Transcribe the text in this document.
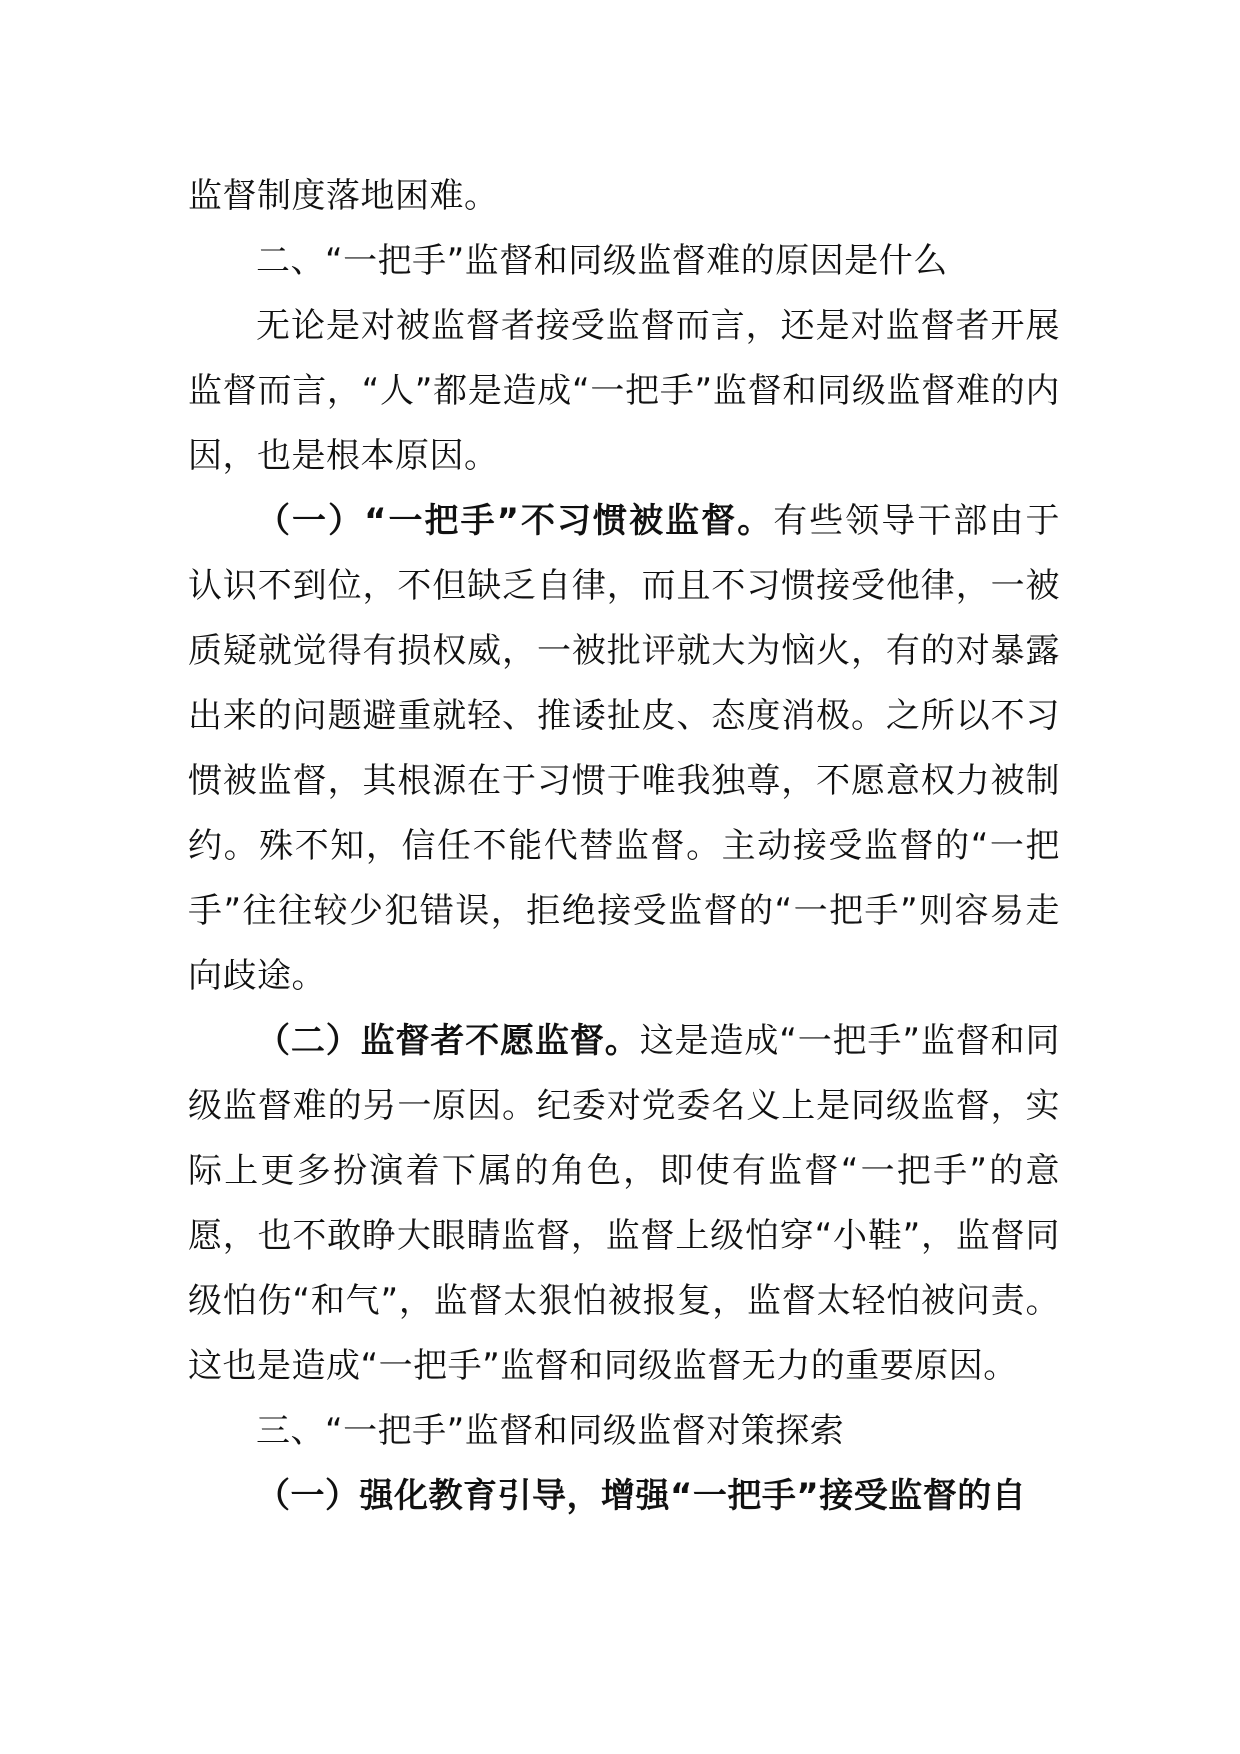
监督制度落地困难。

二、“一把手”监督和同级监督难的原因是什么

无论是对被监督者接受监督而言，还是对监督者开展监督而言，“人”都是造成“一把手”监督和同级监督难的内因，也是根本原因。

（一）“一把手”不习惯被监督。有些领导干部由于认识不到位，不但缺乏自律，而且不习惯接受他律，一被质疑就觉得有损权威，一被批评就大为恼火，有的对暴露出来的问题避重就轻、推诿扯皮、态度消极。之所以不习惯被监督，其根源在于习惯于唯我独尊，不愿意权力被制约。殊不知，信任不能代替监督。主动接受监督的“一把手”往往较少犯错误，拒绝接受监督的“一把手”则容易走向歧途。

（二）监督者不愿监督。这是造成“一把手”监督和同级监督难的另一原因。纪委对党委名义上是同级监督，实际上更多扮演着下属的角色，即使有监督“一把手”的意愿，也不敢睁大眼睛监督，监督上级怕穿“小鞋”，监督同级怕伤“和气”，监督太狠怕被报复，监督太轻怕被问责。这也是造成“一把手”监督和同级监督无力的重要原因。

三、“一把手”监督和同级监督对策探索

（一）强化教育引导，增强“一把手”接受监督的自
